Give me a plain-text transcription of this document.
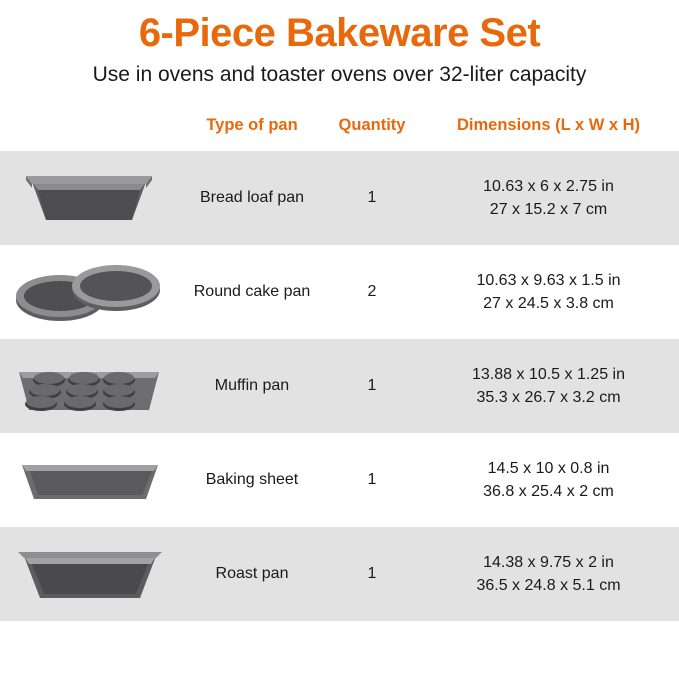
6-Piece Bakeware Set
Use in ovens and toaster ovens over 32-liter capacity
	Type of pan	Quantity	Dimensions (L x W x H)

	Bread loaf pan	1	10.63 x 6 x 2.75 in
27 x 15.2 x 7 cm

	Round cake pan	2	10.63 x 9.63 x 1.5 in
27 x 24.5 x 3.8 cm

	Muffin pan	1	13.88 x 10.5 x 1.25 in
35.3 x 26.7 x 3.2 cm

	Baking sheet	1	14.5 x 10 x 0.8 in
36.8 x 25.4 x 2 cm

	Roast pan	1	14.38 x 9.75 x 2 in
36.5 x 24.8 x 5.1 cm
